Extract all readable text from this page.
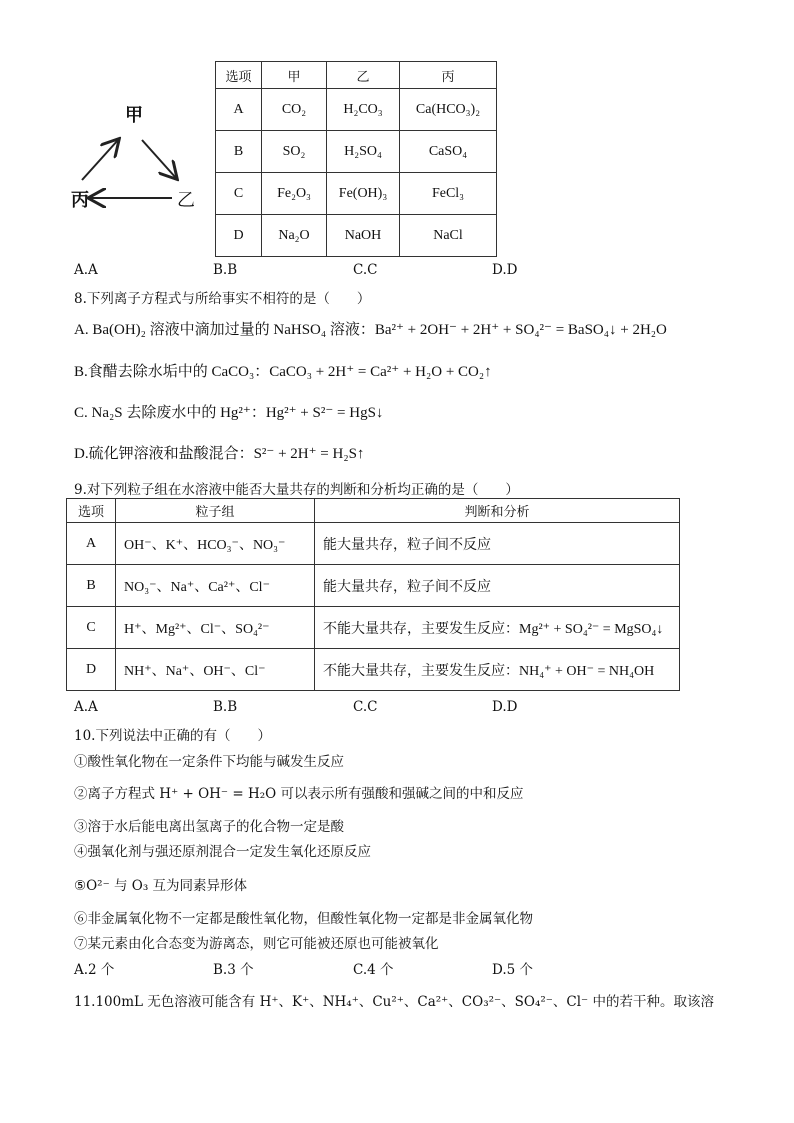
甲
乙
丙
选项	甲	乙	丙
A	CO₂	H₂CO₃	Ca(HCO₃)₂
B	SO₂	H₂SO₄	CaSO₄
C	Fe₂O₃	Fe(OH)₃	FeCl₃
D	Na₂O	NaOH	NaCl
A.A	B.B	C.C	D.D
8.下列离子方程式与所给事实不相符的是（　　）
A. Ba(OH)₂ 溶液中滴加过量的 NaHSO₄ 溶液：Ba²⁺ + 2OH⁻ + 2H⁺ + SO₄²⁻ = BaSO₄↓ + 2H₂O
B.食醋去除水垢中的 CaCO₃：CaCO₃ + 2H⁺ = Ca²⁺ + H₂O + CO₂↑
C. Na₂S 去除废水中的 Hg²⁺：Hg²⁺ + S²⁻ = HgS↓
D.硫化钾溶液和盐酸混合：S²⁻ + 2H⁺ = H₂S↑
9.对下列粒子组在水溶液中能否大量共存的判断和分析均正确的是（　　）
选项	粒子组	判断和分析
A	OH⁻、K⁺、HCO₃⁻、NO₃⁻	能大量共存，粒子间不反应
B	NO₃⁻、Na⁺、Ca²⁺、Cl⁻	能大量共存，粒子间不反应
C	H⁺、Mg²⁺、Cl⁻、SO₄²⁻	不能大量共存，主要发生反应：Mg²⁺ + SO₄²⁻ = MgSO₄↓
D	NH⁺、Na⁺、OH⁻、Cl⁻	不能大量共存，主要发生反应：NH₄⁺ + OH⁻ = NH₄OH
A.A	B.B	C.C	D.D
10.下列说法中正确的有（　　）
①酸性氧化物在一定条件下均能与碱发生反应
②离子方程式 H⁺ + OH⁻ = H₂O 可以表示所有强酸和强碱之间的中和反应
③溶于水后能电离出氢离子的化合物一定是酸
④强氧化剂与强还原剂混合一定发生氧化还原反应
⑤O²⁻ 与 O₃ 互为同素异形体
⑥非金属氧化物不一定都是酸性氧化物，但酸性氧化物一定都是非金属氧化物
⑦某元素由化合态变为游离态，则它可能被还原也可能被氧化
A.2 个	B.3 个	C.4 个	D.5 个
11.100mL 无色溶液可能含有 H⁺、K⁺、NH₄⁺、Cu²⁺、Ca²⁺、CO₃²⁻、SO₄²⁻、Cl⁻ 中的若干种。取该溶
